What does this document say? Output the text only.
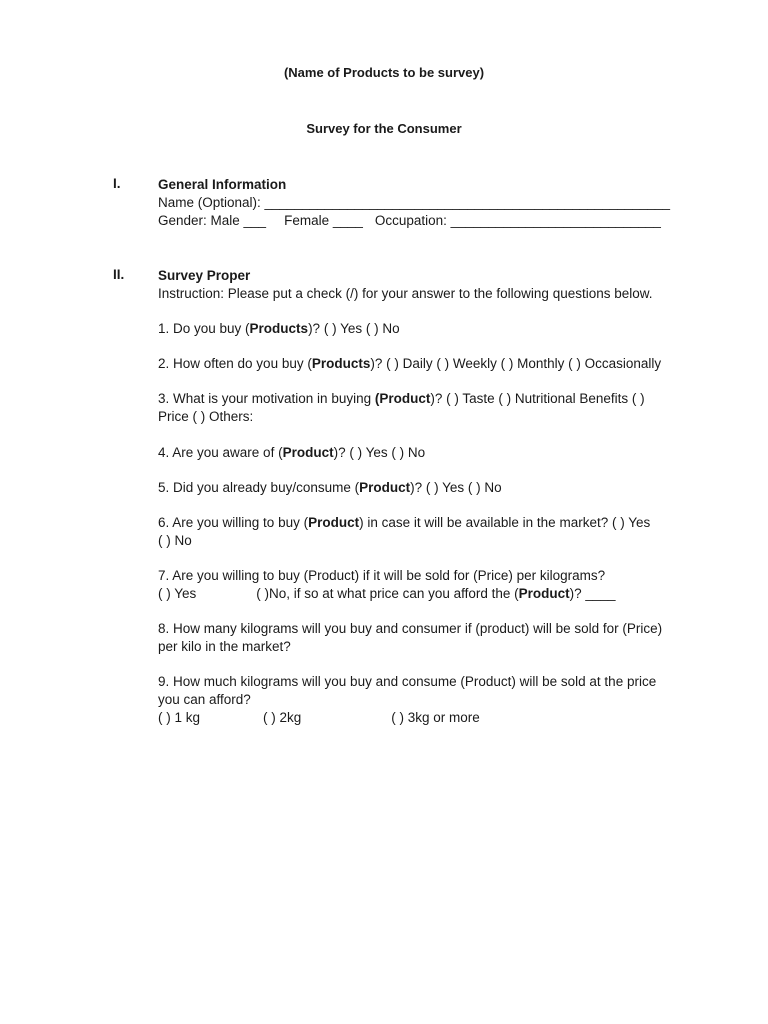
(Name of Products to be survey)
Survey for the Consumer
I.	General Information
Name (Optional): ______________________________________________________
Gender: Male ___ Female ____ Occupation: ____________________________
II. Survey Proper
Instruction: Please put a check (/) for your answer to the following questions below.
1. Do you buy (Products)? ( ) Yes ( ) No
2. How often do you buy (Products)? ( ) Daily ( ) Weekly ( ) Monthly ( ) Occasionally
3. What is your motivation in buying (Product)? ( ) Taste ( ) Nutritional Benefits ( )
Price ( ) Others:
4. Are you aware of (Product)? ( ) Yes ( ) No
5. Did you already buy/consume (Product)? ( ) Yes ( ) No
6. Are you willing to buy (Product) in case it will be available in the market? ( ) Yes
( ) No
7. Are you willing to buy (Product) if it will be sold for (Price) per kilograms?
( ) Yes	( )No, if so at what price can you afford the (Product)? ____
8. How many kilograms will you buy and consumer if (product) will be sold for (Price)
per kilo in the market?
9. How much kilograms will you buy and consume (Product) will be sold at the price
you can afford?
( ) 1 kg	( ) 2kg	( ) 3kg or more
